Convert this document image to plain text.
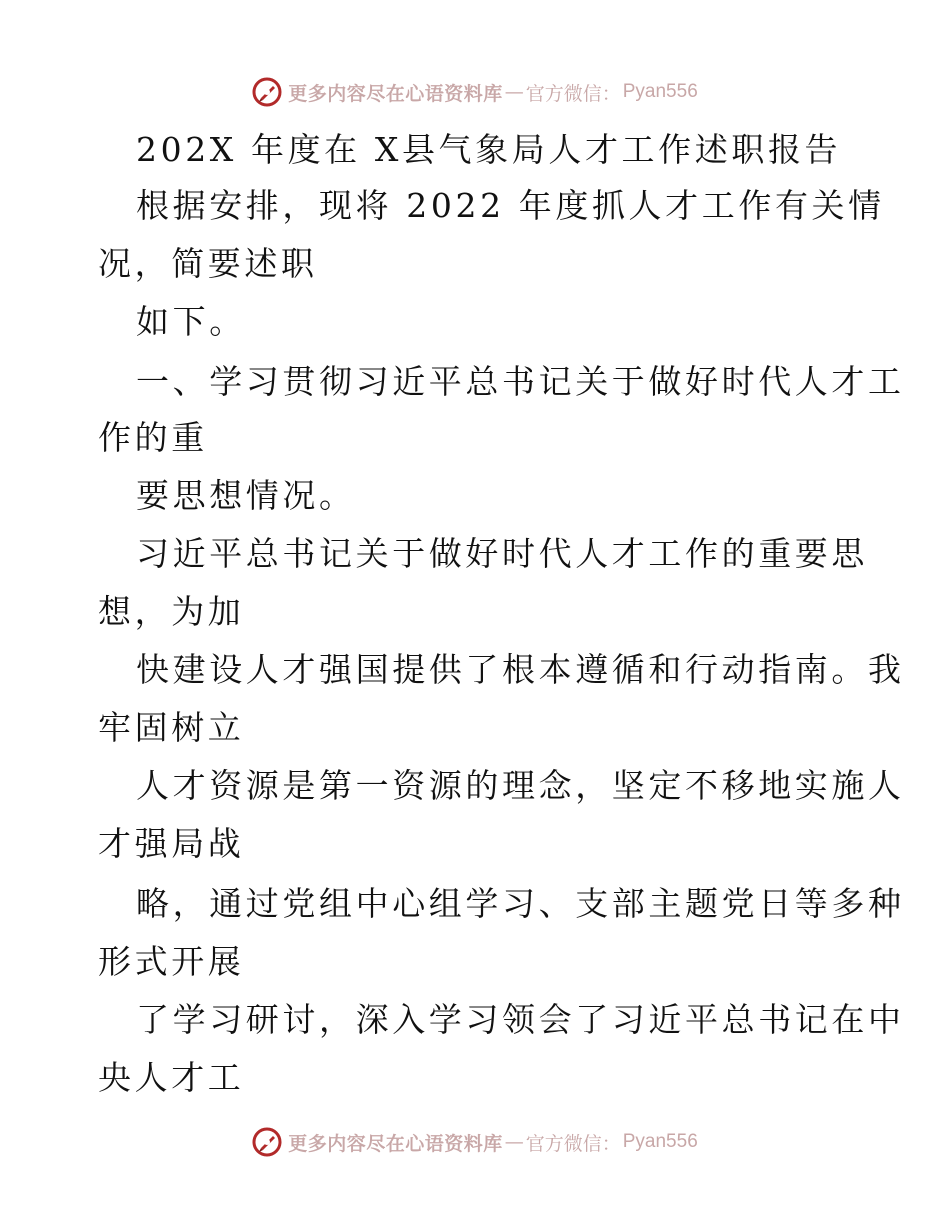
更多内容尽在心语资料库 — 官方微信： Pyan556
202X 年度在 X县气象局人才工作述职报告
根据安排，现将 2022 年度抓人才工作有关情
况，简要述职
如下。
一、学习贯彻习近平总书记关于做好时代人才工
作的重
要思想情况。
习近平总书记关于做好时代人才工作的重要思
想，为加
快建设人才强国提供了根本遵循和行动指南。我
牢固树立
人才资源是第一资源的理念，坚定不移地实施人
才强局战
略，通过党组中心组学习、支部主题党日等多种
形式开展
了学习研讨，深入学习领会了习近平总书记在中
央人才工
更多内容尽在心语资料库 — 官方微信： Pyan556
